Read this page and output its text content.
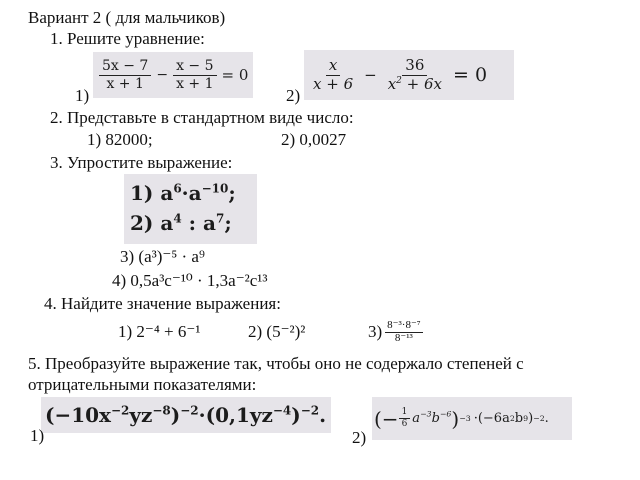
Вариант 2 ( для мальчиков)
1. Решите уравнение:
$\frac{5x - 7}{x + 1} - \frac{x - 5}{x + 1} = 0$
1)
$\frac{x}{x + 6} - \frac{36}{x^2 + 6x} = 0$
2)
2. Представьте в стандартном виде число:
1) 82000;	2) 0,0027
3. Упростите выражение:
1) $a^6\cdot a^{-10}$;
2) $a^4$ : $a^7$;
3) (a³)⁻⁵ · a⁹
4) 0,5a³c⁻¹⁰ · 1,3a⁻²c¹³
4. Найдите значение выражения:
1) 2⁻⁴ + 6⁻¹	2) (5⁻²)²	$3) \frac{\text{8⁻³·8⁻⁷}}{\text{8⁻¹³}}$
5. Преобразуйте выражение так, чтобы оно не содержало степеней с
отрицательными показателями:
$(-10x^{-2}yz^{-8})^{-2}\cdot(0,1yz^{-4})^{-2}$.
1)
(− $\frac{1}{6} a^{-3}b^{-6}$ ) −3 ·(−6a 2 b 9 ) −2 .
2)
